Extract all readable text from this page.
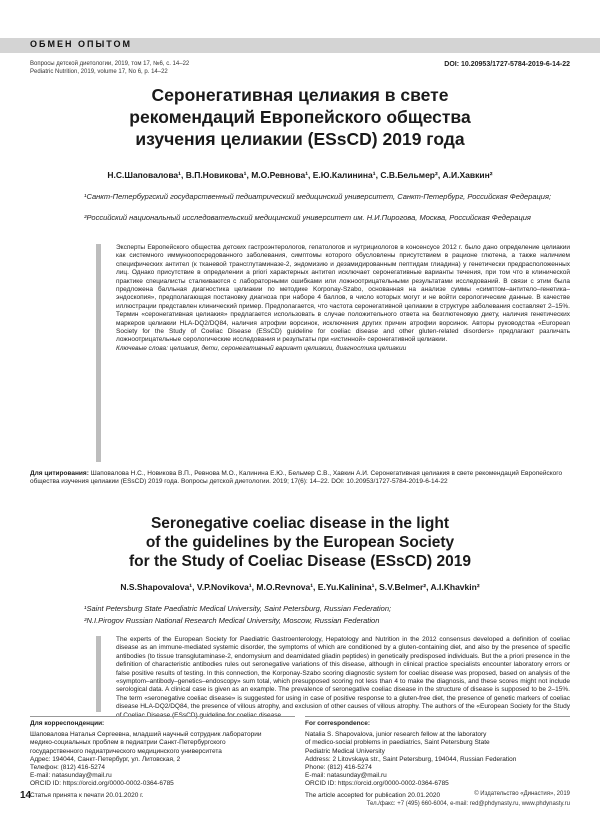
ОБМЕН ОПЫТОМ
Вопросы детской диетологии, 2019, том 17, №6, с. 14–22
Pediatric Nutrition, 2019, volume 17, No 6, p. 14–22
DOI: 10.20953/1727-5784-2019-6-14-22
Серонегативная целиакия в свете
рекомендаций Европейского общества
изучения целиакии (ESsCD) 2019 года
Н.С.Шаповалова¹, В.П.Новикова¹, М.О.Ревнова¹, Е.Ю.Калинина¹, С.В.Бельмер², А.И.Хавкин²
¹Санкт-Петербургский государственный педиатрический медицинский университет, Санкт-Петербург, Российская Федерация;
²Российский национальный исследовательский медицинский университет им. Н.И.Пирогова, Москва, Российская Федерация
Эксперты Европейского общества детских гастроэнтерологов, гепатологов и нутрициологов в консенсусе 2012 г. было дано определение целиакии как системного иммуноопосредованного заболевания, симптомы которого обусловлены присутствием в рационе глютена, а также наличием специфических антител (к тканевой трансглутаминазе-2, эндомизию и дезамидированным пептидам глиадина) у генетически предрасположенных лиц. Однако присутствие в определении a priori характерных антител исключает серонегативные варианты течения, при том что в клинической практике специалисты сталкиваются с лабораторными ошибками или ложноотрицательными результатами исследований. В связи с этим была предложена балльная диагностика целиакии по методике Korponay-Szabo, основанная на анализе суммы «симптом–антитело–генетика–эндоскопия», предполагающая постановку диагноза при наборе 4 баллов, в число которых могут и не войти серологические данные. В качестве иллюстрации представлен клинический пример. Предполагается, что частота серонегативной целиакии в структуре заболевания составляет 2–15%. Термин «серонегативная целиакия» предлагается использовать в случае положительного ответа на безглютеновую диету, наличия генетических маркеров целиакии HLA-DQ2/DQ84, наличия атрофии ворсинок, исключения других причин атрофии ворсинок. Авторы руководства «European Society for the Study of Coeliac Disease (ESsCD) guideline for coeliac disease and other gluten-related disorders» предлагают различать ложноотрицательные серологические исследования и результаты при «истинной» серонегативной целиакии.
Ключевые слова: целиакия, дети, серонегативный вариант целиакии, диагностика целиакии
Для цитирования: Шаповалова Н.С., Новикова В.П., Ревнова М.О., Калинина Е.Ю., Бельмер С.В., Хавкин А.И. Серонегативная целиакия в свете рекомендаций Европейского общества изучения целиакии (ESsCD) 2019 года. Вопросы детской диетологии. 2019; 17(6): 14–22. DOI: 10.20953/1727-5784-2019-6-14-22
Seronegative coeliac disease in the light
of the guidelines by the European Society
for the Study of Coeliac Disease (ESsCD) 2019
N.S.Shapovalova¹, V.P.Novikova¹, M.O.Revnova¹, E.Yu.Kalinina¹, S.V.Belmer², A.I.Khavkin²
¹Saint Petersburg State Paediatric Medical University, Saint Petersburg, Russian Federation;
²N.I.Pirogov Russian National Research Medical University, Moscow, Russian Federation
The experts of the European Society for Paediatric Gastroenterology, Hepatology and Nutrition in the 2012 consensus developed a definition of coeliac disease as an immune-mediated systemic disorder, the symptoms of which are conditioned by a gluten-containing diet, and also by the presence of specific antibodies (to tissue transglutaminase-2, endomysium and deamidated gliadin peptides) in genetically predisposed individuals. But the a priori presence in the definition of characteristic antibodies rules out seronegative variations of this disease, although in clinical practice specialists encounter laboratory errors or false positive results of testing. In this connection, the Korponay-Szabo scoring diagnostic system for coeliac disease was proposed, based on analysis of the «symptom–antibody–genetics–endoscopy» sum total, which presupposed scoring not less than 4 to make the diagnosis, and these scores might not include serological data. A clinical case is given as an example. The prevalence of seronegative coeliac disease in the structure of disease is supposed to be 2–15%. The term «seronegative coeliac disease» is suggested for using in case of positive response to a gluten-free diet, the presence of genetic markers of coeliac disease HLA-DQ2/DQ84, the presence of villous atrophy, and exclusion of other causes of villous atrophy. The authors of the «European Society for the Study
Для корреспонденции:
Шаповалова Наталья Сергеевна, младший научный сотрудник лаборатории
медико-социальных проблем в педиатрии Санкт-Петербургского
государственного педиатрического медицинского университета
Адрес: 194044, Санкт-Петербург, ул. Литовская, 2
Телефон: (812) 416-5274
E-mail: natasunday@mail.ru
ORCID ID: https://orcid.org/0000-0002-0364-6785
Статья принята к печати 20.01.2020 г.
For correspondence:
Natalia S. Shapovalova, junior research fellow at the laboratory
of medico-social problems in paediatrics, Saint Petersburg State
Pediatric Medical University
Address: 2 Litovskaya str., Saint Petersburg, 194044, Russian Federation
Phone: (812) 416-5274
E-mail: natasunday@mail.ru
ORCID ID: https://orcid.org/0000-0002-0364-6785
The article accepted for publication 20.01.2020
14	© Издательство «Династия», 2019
Тел./факс: +7 (495) 660-6004, e-mail: red@phdynasty.ru, www.phdynasty.ru
